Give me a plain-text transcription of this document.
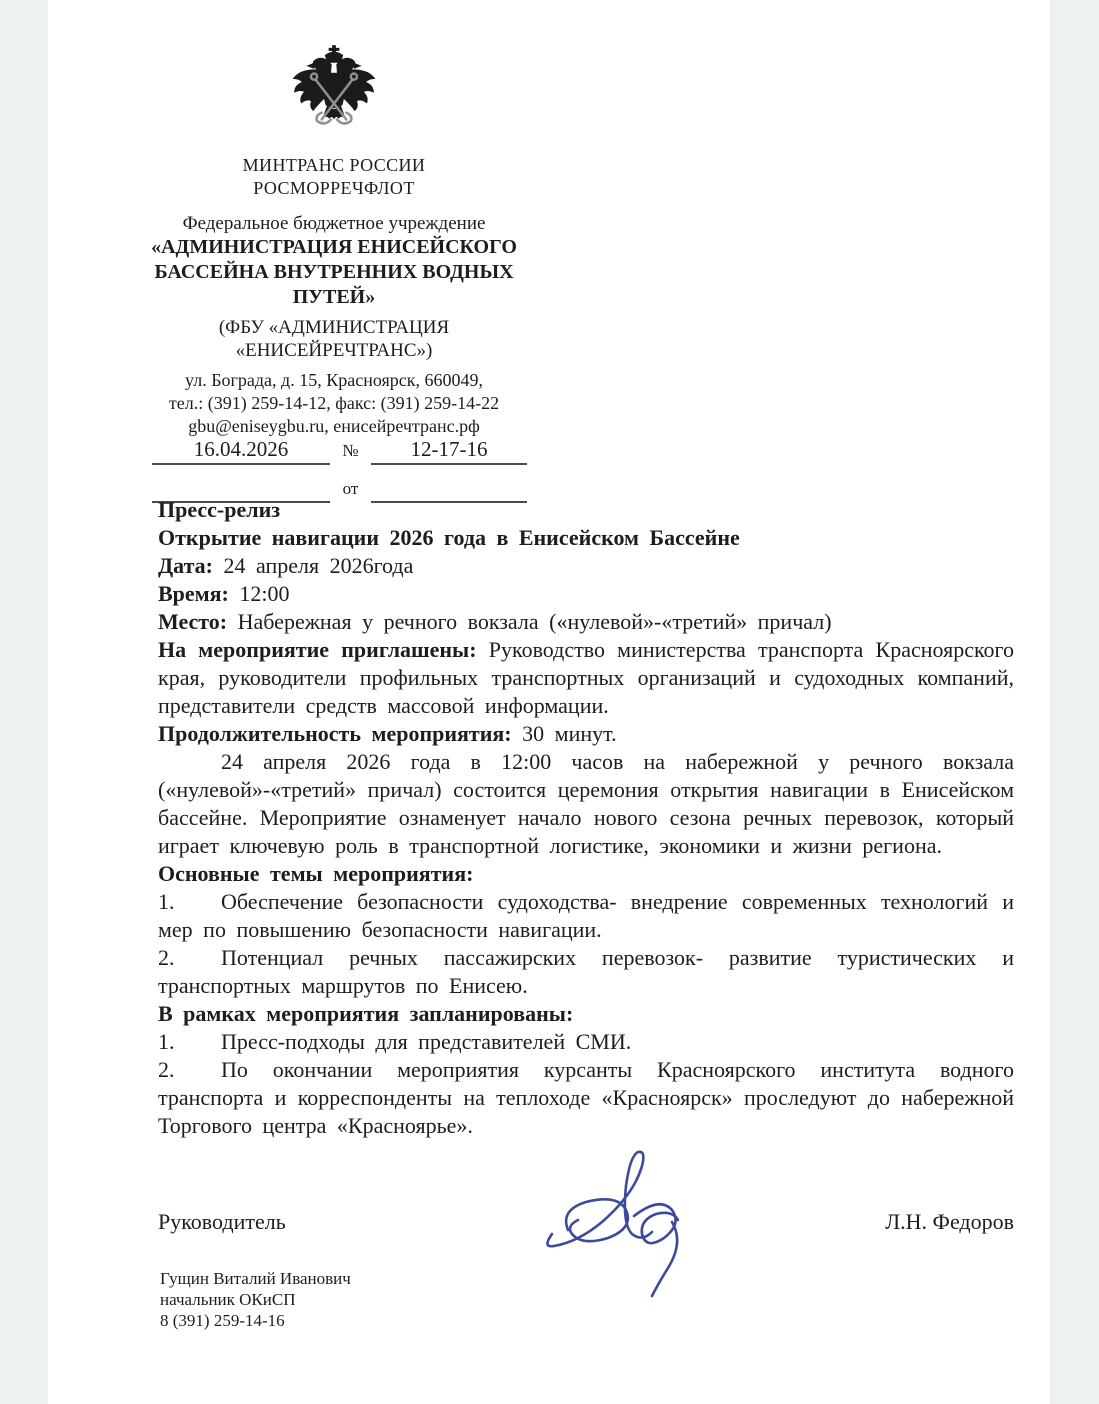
МИНТРАНС РОССИИ
РОСМОРРЕЧФЛОТ
Федеральное бюджетное учреждение
«АДМИНИСТРАЦИЯ ЕНИСЕЙСКОГО
БАССЕЙНА ВНУТРЕННИХ ВОДНЫХ
ПУТЕЙ»
(ФБУ «АДМИНИСТРАЦИЯ
«ЕНИСЕЙРЕЧТРАНС»)
ул. Бограда, д. 15, Красноярск, 660049,
тел.: (391) 259-14-12, факс: (391) 259-14-22
gbu@eniseygbu.ru, енисейречтранс.рф
16.04.2026	№	12-17-16
от

Пресс-релиз

Открытие навигации 2026 года в Енисейском Бассейне

Дата: 24 апреля 2026года

Время: 12:00

Место: Набережная у речного вокзала («нулевой»-«третий» причал)

На мероприятие приглашены: Руководство министерства транспорта Красноярского края, руководители профильных транспортных организаций и судоходных компаний, представители средств массовой информации.

Продолжительность мероприятия: 30 минут.

24 апреля 2026 года в 12:00 часов на набережной у речного вокзала («нулевой»-«третий» причал) состоится церемония открытия навигации в Енисейском бассейне. Мероприятие ознаменует начало нового сезона речных перевозок, который играет ключевую роль в транспортной логистике, экономики и жизни региона.

Основные темы мероприятия:

1. Обеспечение безопасности судоходства- внедрение современных технологий и мер по повышению безопасности навигации.

2. Потенциал речных пассажирских перевозок- развитие туристических и транспортных маршрутов по Енисею.

В рамках мероприятия запланированы:

1. Пресс-подходы для представителей СМИ.

2. По окончании мероприятия курсанты Красноярского института водного транспорта и корреспонденты на теплоходе «Красноярск» проследуют до набережной Торгового центра «Красноярье».

Руководитель	Л.Н. Федоров
Гущин Виталий Иванович
начальник ОКиСП
8 (391) 259-14-16
